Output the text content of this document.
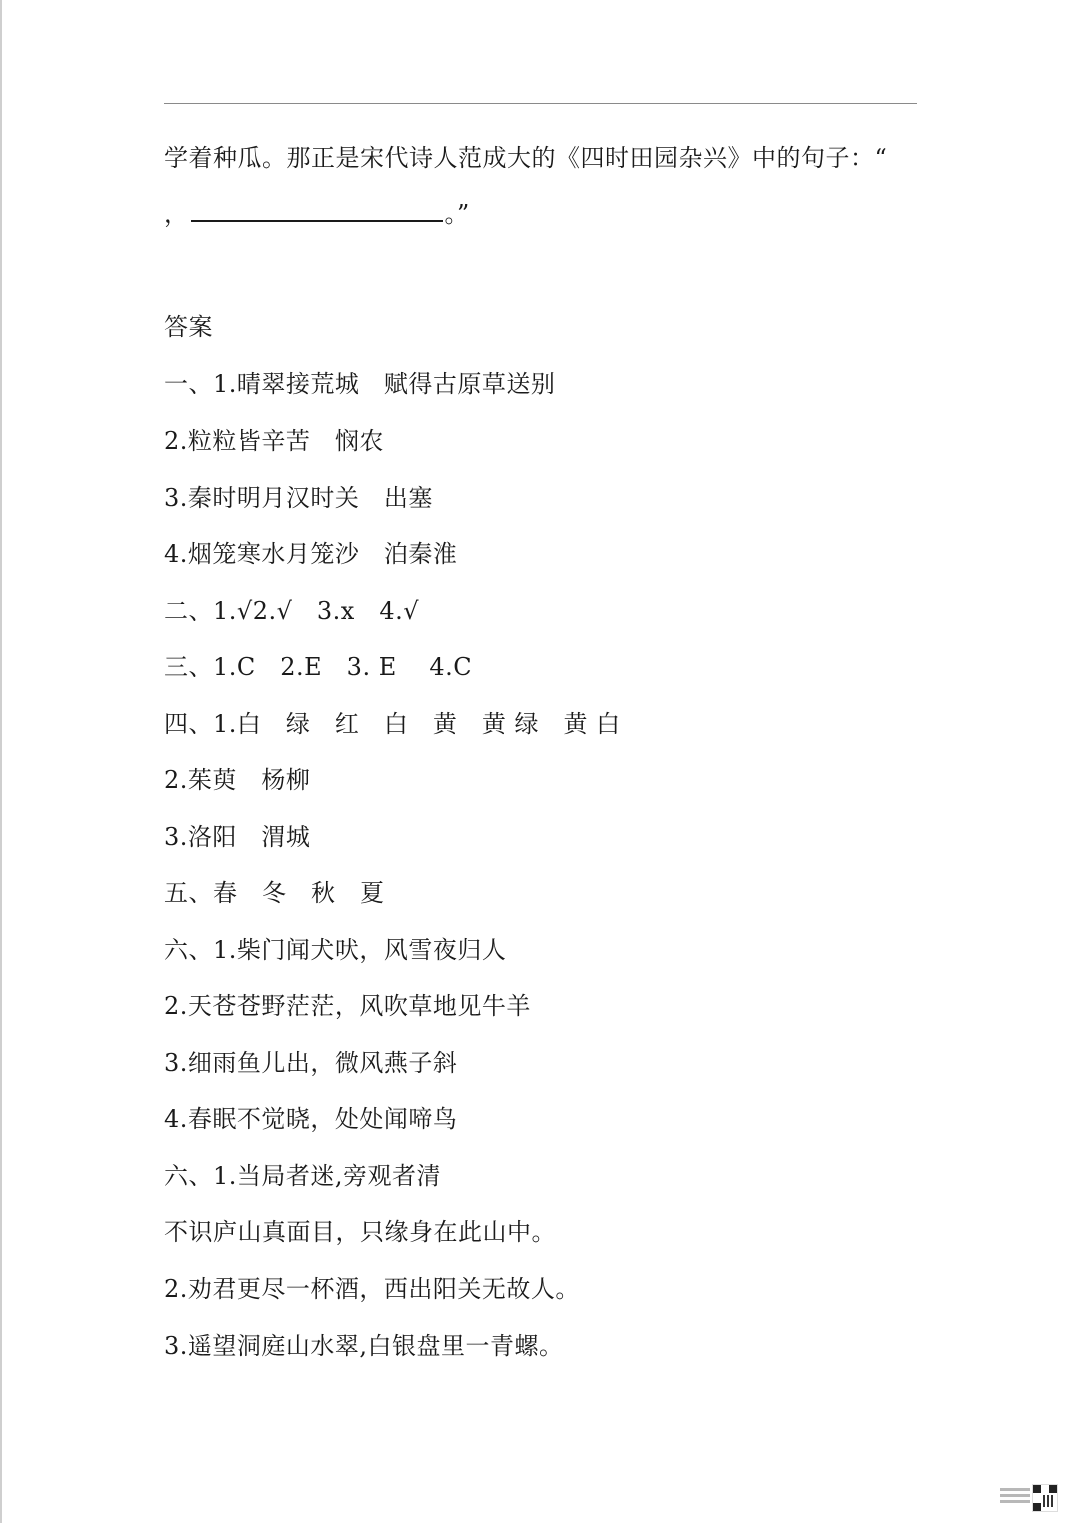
学着种瓜。那正是宋代诗人范成大的《四时田园杂兴》中的句子：“
，	。”
答案
一、1.晴翠接荒城　赋得古原草送别
2.粒粒皆辛苦　悯农
3.秦时明月汉时关　出塞
4.烟笼寒水月笼沙　泊秦淮
二、1.√2.√　3.x　4.√
三、1.C　2.E　3. E　 4.C
四、1.白　绿　红　白　黄　黄 绿　黄 白
2.茱萸　杨柳
3.洛阳　渭城
五、春　冬　秋　夏
六、1.柴门闻犬吠，风雪夜归人
2.天苍苍野茫茫，风吹草地见牛羊
3.细雨鱼儿出，微风燕子斜
4.春眠不觉晓，处处闻啼鸟
六、1.当局者迷,旁观者清
不识庐山真面目，只缘身在此山中。
2.劝君更尽一杯酒，西出阳关无故人。
3.遥望洞庭山水翠,白银盘里一青螺。
